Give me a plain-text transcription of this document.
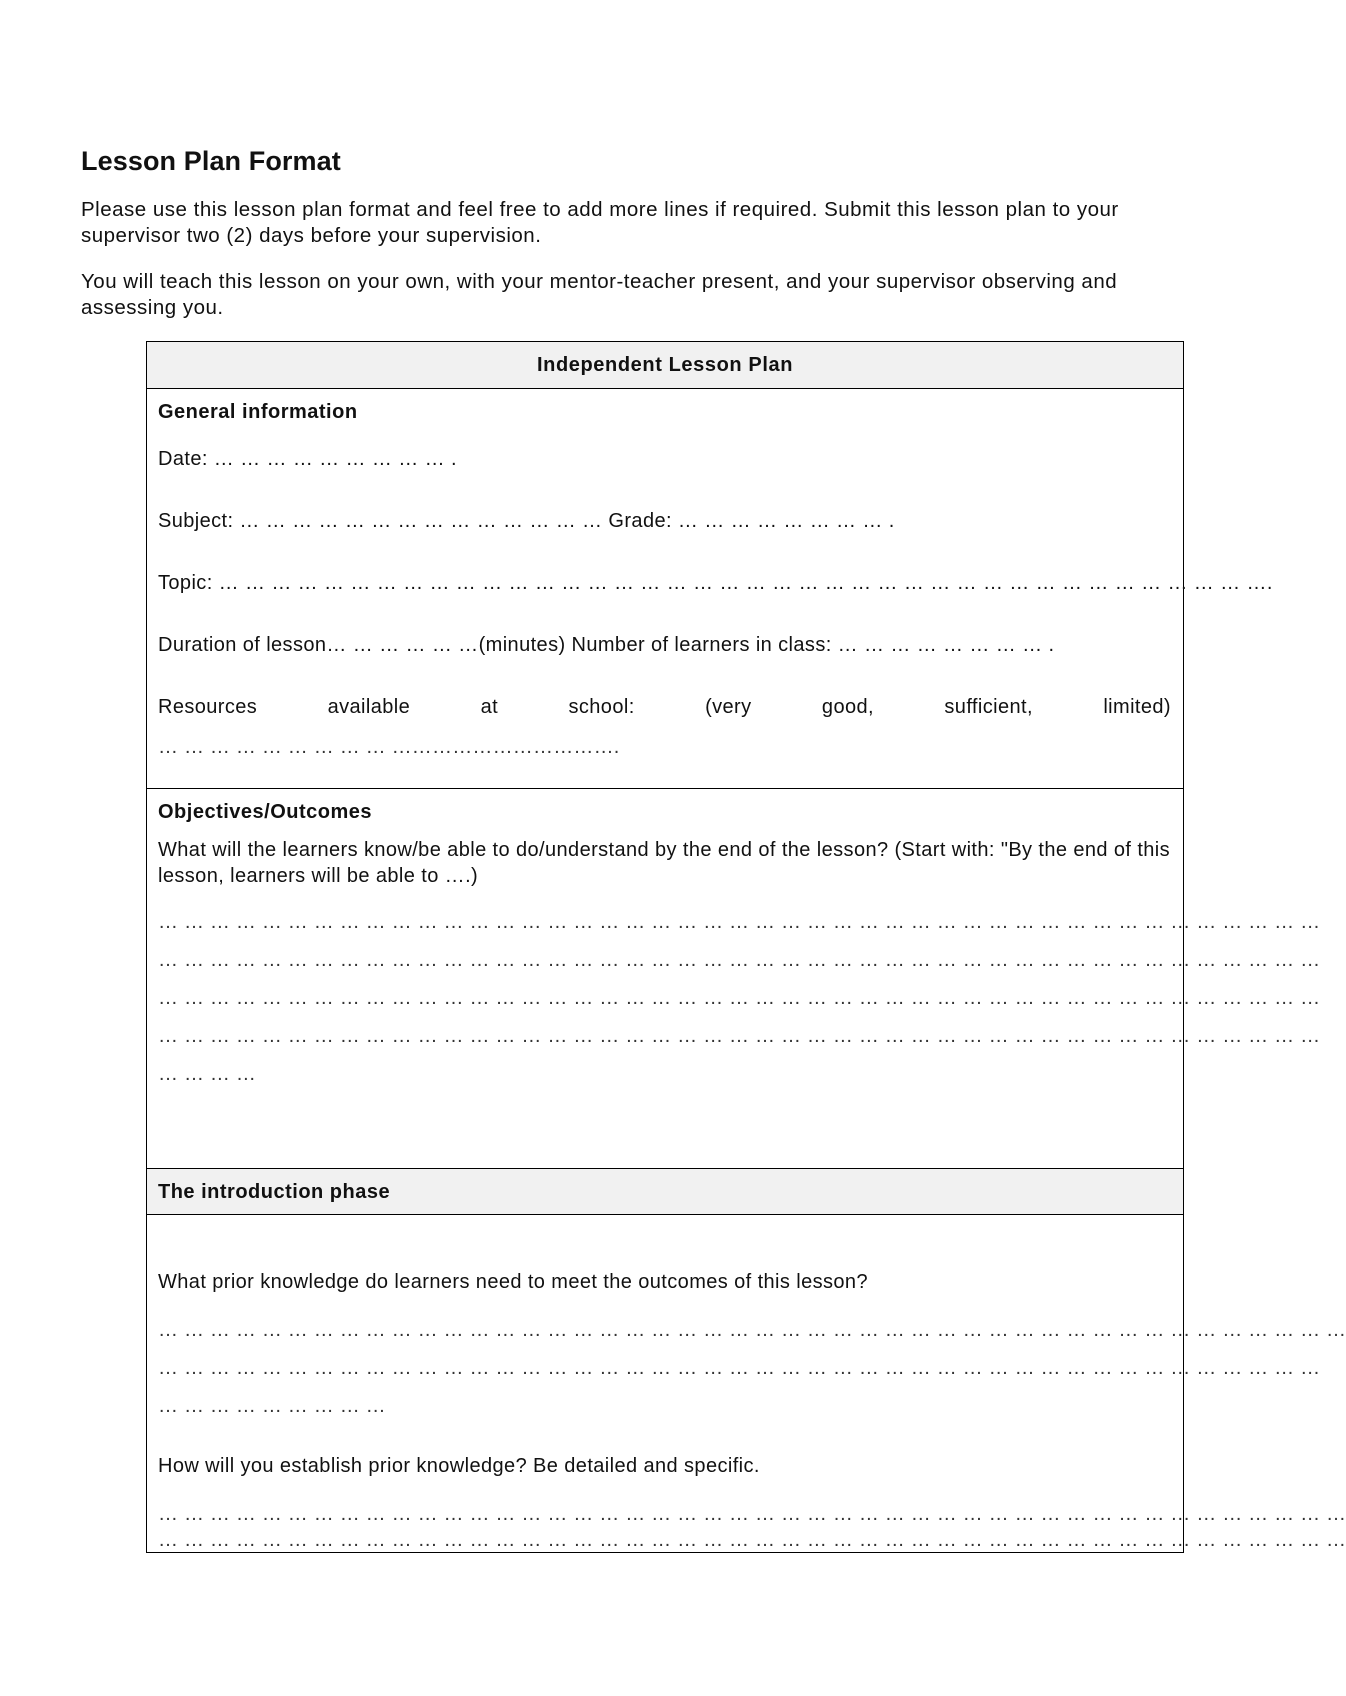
Lesson Plan Format
Please use this lesson plan format and feel free to add more lines if required. Submit this lesson plan to your supervisor two (2) days before your supervision.
You will teach this lesson on your own, with your mentor-teacher present, and your supervisor observing and assessing you.
Independent Lesson Plan
General information
Date: … … … … … … … … … .
Subject: … … … … … … … … … … … … … … Grade: … … … … … … … … .
Topic: … … … … … … … … … … … … … … … … … … … … … … … … … … … … … … … … … … … … … … … ….
Duration of lesson… … … … … …(minutes) Number of learners in class: … … … … … … … … .
Resources available at school: (very good, sufficient, limited)
… … … … … … … … … …………………………….
Objectives/Outcomes
What will the learners know/be able to do/understand by the end of the lesson? (Start with: "By the end of this lesson, learners will be able to ….)
… … … … … … … … … … … … … … … … … … … … … … … … … … … … … … … … … … … … … … … … … … … … …
… … … … … … … … … … … … … … … … … … … … … … … … … … … … … … … … … … … … … … … … … … … … …
… … … … … … … … … … … … … … … … … … … … … … … … … … … … … … … … … … … … … … … … … … … … …
… … … … … … … … … … … … … … … … … … … … … … … … … … … … … … … … … … … … … … … … … … … … …
… … … …
The introduction phase
What prior knowledge do learners need to meet the outcomes of this lesson?
… … … … … … … … … … … … … … … … … … … … … … … … … … … … … … … … … … … … … … … … … … … … … …
… … … … … … … … … … … … … … … … … … … … … … … … … … … … … … … … … … … … … … … … … … … … …
… … … … … … … … …
How will you establish prior knowledge? Be detailed and specific.
… … … … … … … … … … … … … … … … … … … … … … … … … … … … … … … … … … … … … … … … … … … … … …
… … … … … … … … … … … … … … … … … … … … … … … … … … … … … … … … … … … … … … … … … … … … … …
